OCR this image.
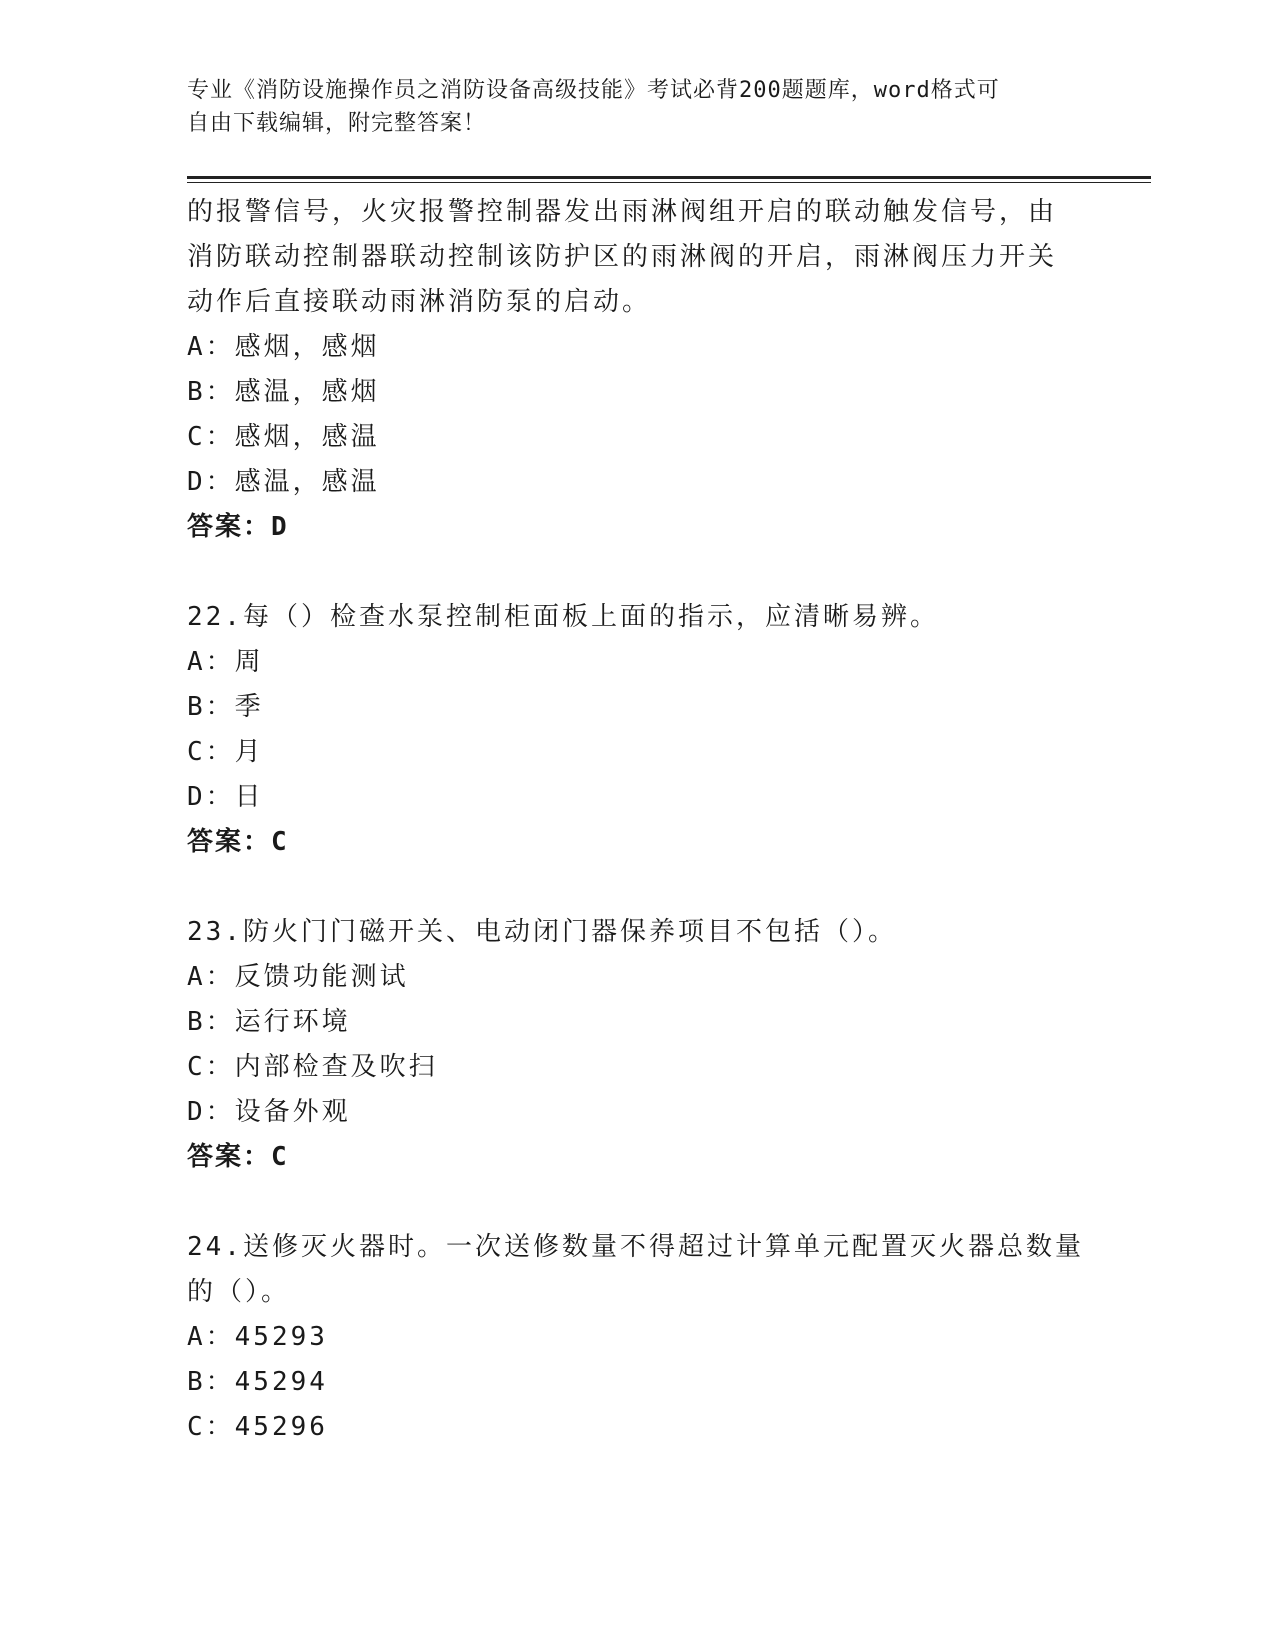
专业《消防设施操作员之消防设备高级技能》考试必背200题题库，word格式可
自由下载编辑，附完整答案！
的报警信号，火灾报警控制器发出雨淋阀组开启的联动触发信号，由
消防联动控制器联动控制该防护区的雨淋阀的开启，雨淋阀压力开关
动作后直接联动雨淋消防泵的启动。
A：感烟，感烟
B：感温，感烟
C：感烟，感温
D：感温，感温
答案：D
22.每（）检查水泵控制柜面板上面的指示，应清晰易辨。
A：周
B：季
C：月
D：日
答案：C
23.防火门门磁开关、电动闭门器保养项目不包括（）。
A：反馈功能测试
B：运行环境
C：内部检查及吹扫
D：设备外观
答案：C
24.送修灭火器时。一次送修数量不得超过计算单元配置灭火器总数量
的（）。
A：45293
B：45294
C：45296
